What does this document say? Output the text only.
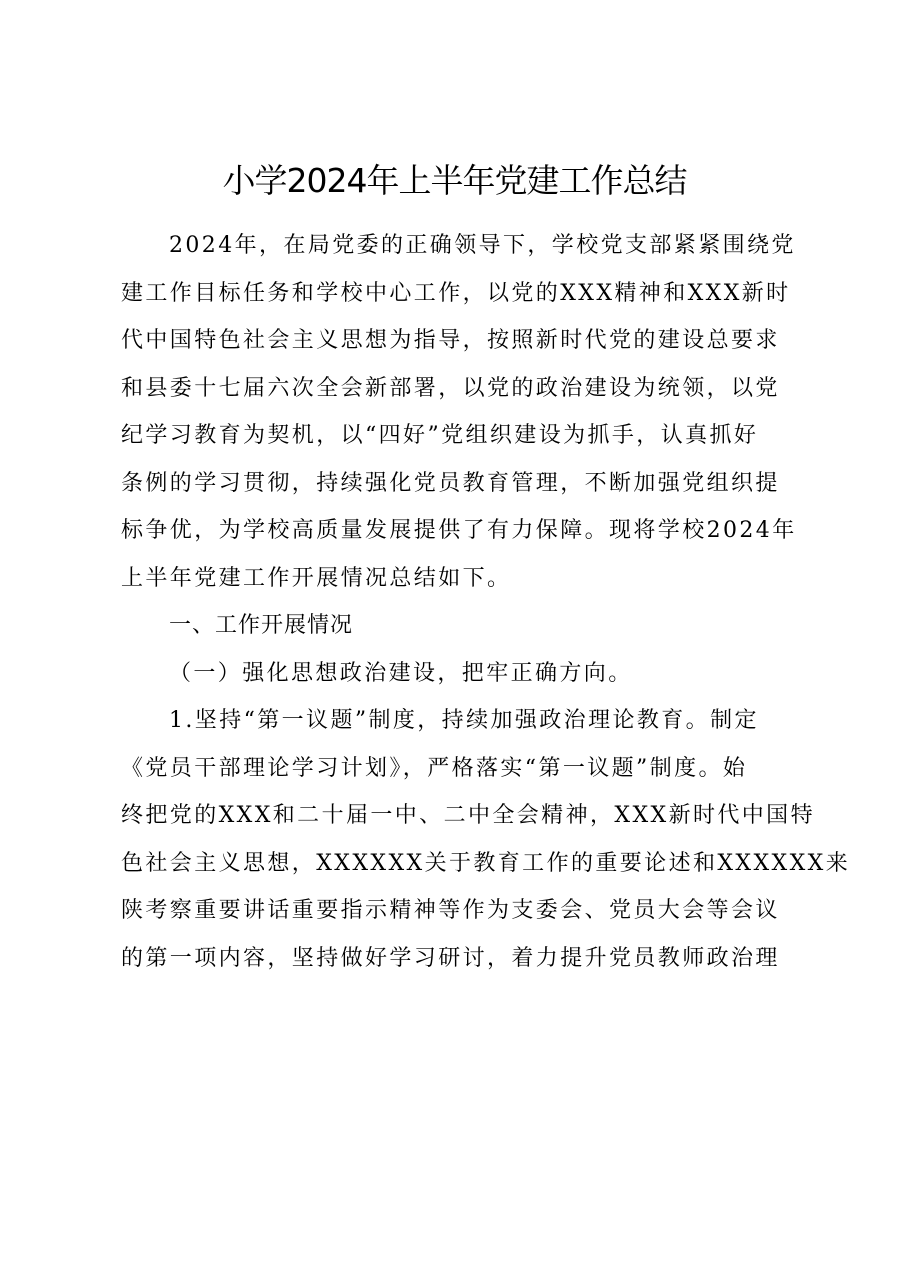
小学2024年上半年党建工作总结
2024年，在局党委的正确领导下，学校党支部紧紧围绕党
建工作目标任务和学校中心工作，以党的XXX精神和XXX新时
代中国特色社会主义思想为指导，按照新时代党的建设总要求
和县委十七届六次全会新部署，以党的政治建设为统领，以党
纪学习教育为契机，以“四好”党组织建设为抓手，认真抓好
条例的学习贯彻，持续强化党员教育管理，不断加强党组织提
标争优，为学校高质量发展提供了有力保障。现将学校2024年
上半年党建工作开展情况总结如下。
一、工作开展情况
（一）强化思想政治建设，把牢正确方向。
1.坚持“第一议题”制度，持续加强政治理论教育。制定
《党员干部理论学习计划》，严格落实“第一议题”制度。始
终把党的XXX和二十届一中、二中全会精神，XXX新时代中国特
色社会主义思想，XXXXXX关于教育工作的重要论述和XXXXXX来
陕考察重要讲话重要指示精神等作为支委会、党员大会等会议
的第一项内容，坚持做好学习研讨，着力提升党员教师政治理
